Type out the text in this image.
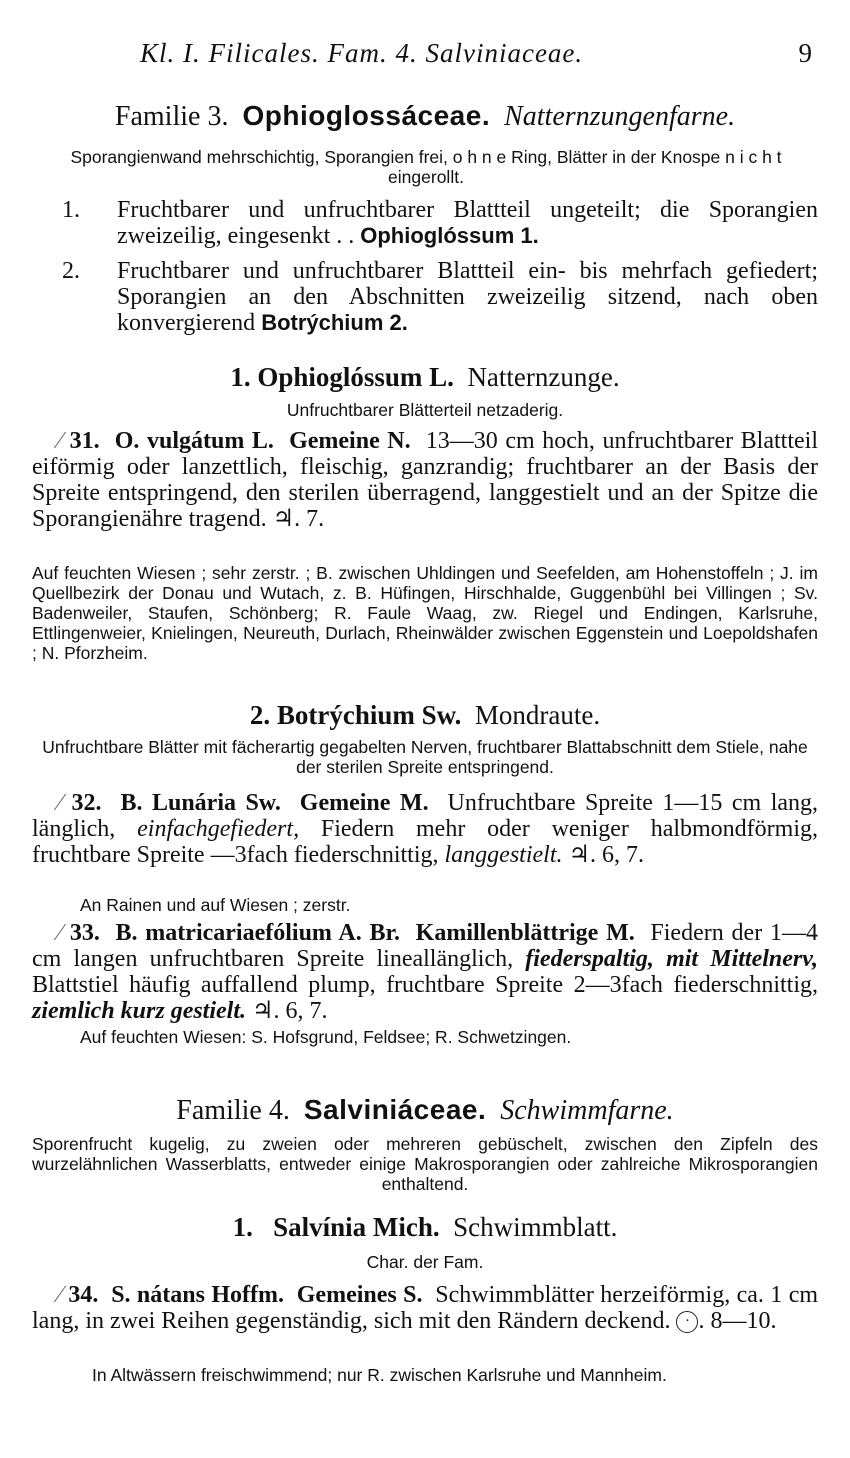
Kl. I. Filicales. Fam. 4. Salviniaceae.	9
Familie 3. Ophioglossáceae. Natternzungenfarne.
Sporangienwand mehrschichtig, Sporangien frei, o h n e Ring, Blätter in der Knospe n i c h t eingerollt.
1. Fruchtbarer und unfruchtbarer Blattteil ungeteilt; die Sporangien zweizeilig, eingesenkt . . Ophioglóssum 1.
2. Fruchtbarer und unfruchtbarer Blattteil ein- bis mehrfach gefiedert; Sporangien an den Abschnitten zweizeilig sitzend, nach oben konvergierend Botrýchium 2.
1. Ophioglóssum L. Natternzunge.
Unfruchtbarer Blätterteil netzaderig.
⁄ 31. O. vulgátum L. Gemeine N. 13—30 cm hoch, unfruchtbarer Blattteil eiförmig oder lanzettlich, fleischig, ganzrandig; fruchtbarer an der Basis der Spreite entspringend, den sterilen überragend, langgestielt und an der Spitze die Sporangienähre tragend. ♃. 7.
Auf feuchten Wiesen ; sehr zerstr. ; B. zwischen Uhldingen und Seefelden, am Hohenstoffeln ; J. im Quellbezirk der Donau und Wutach, z. B. Hüfingen, Hirschhalde, Guggenbühl bei Villingen ; Sv. Badenweiler, Staufen, Schönberg; R. Faule Waag, zw. Riegel und Endingen, Karlsruhe, Ettlingenweier, Knielingen, Neureuth, Durlach, Rheinwälder zwischen Eggenstein und Loepoldshafen ; N. Pforzheim.
2. Botrýchium Sw. Mondraute.
Unfruchtbare Blätter mit fächerartig gegabelten Nerven, fruchtbarer Blattabschnitt dem Stiele, nahe der sterilen Spreite entspringend.
⁄ 32. B. Lunária Sw. Gemeine M. Unfruchtbare Spreite 1—15 cm lang, länglich, einfachgefiedert, Fiedern mehr oder weniger halbmondförmig, fruchtbare Spreite —3fach fiederschnittig, langgestielt. ♃. 6, 7.
An Rainen und auf Wiesen ; zerstr.
⁄ 33. B. matricariaefólium A. Br. Kamillenblättrige M. Fiedern der 1—4 cm langen unfruchtbaren Spreite lineallänglich, fiederspaltig, mit Mittelnerv, Blattstiel häufig auffallend plump, fruchtbare Spreite 2—3fach fiederschnittig, ziemlich kurz gestielt. ♃. 6, 7.
Auf feuchten Wiesen: S. Hofsgrund, Feldsee; R. Schwetzingen.
Familie 4. Salviniáceae. Schwimmfarne.
Sporenfrucht kugelig, zu zweien oder mehreren gebüschelt, zwischen den Zipfeln des wurzelähnlichen Wasserblatts, entweder einige Makrosporangien oder zahlreiche Mikrosporangien enthaltend.
1. Salvínia Mich. Schwimmblatt.
Char. der Fam.
⁄ 34. S. nátans Hoffm. Gemeines S. Schwimmblätter herzeiförmig, ca. 1 cm lang, in zwei Reihen gegenständig, sich mit den Rändern deckend. · . 8—10.
In Altwässern freischwimmend; nur R. zwischen Karlsruhe und Mannheim.
